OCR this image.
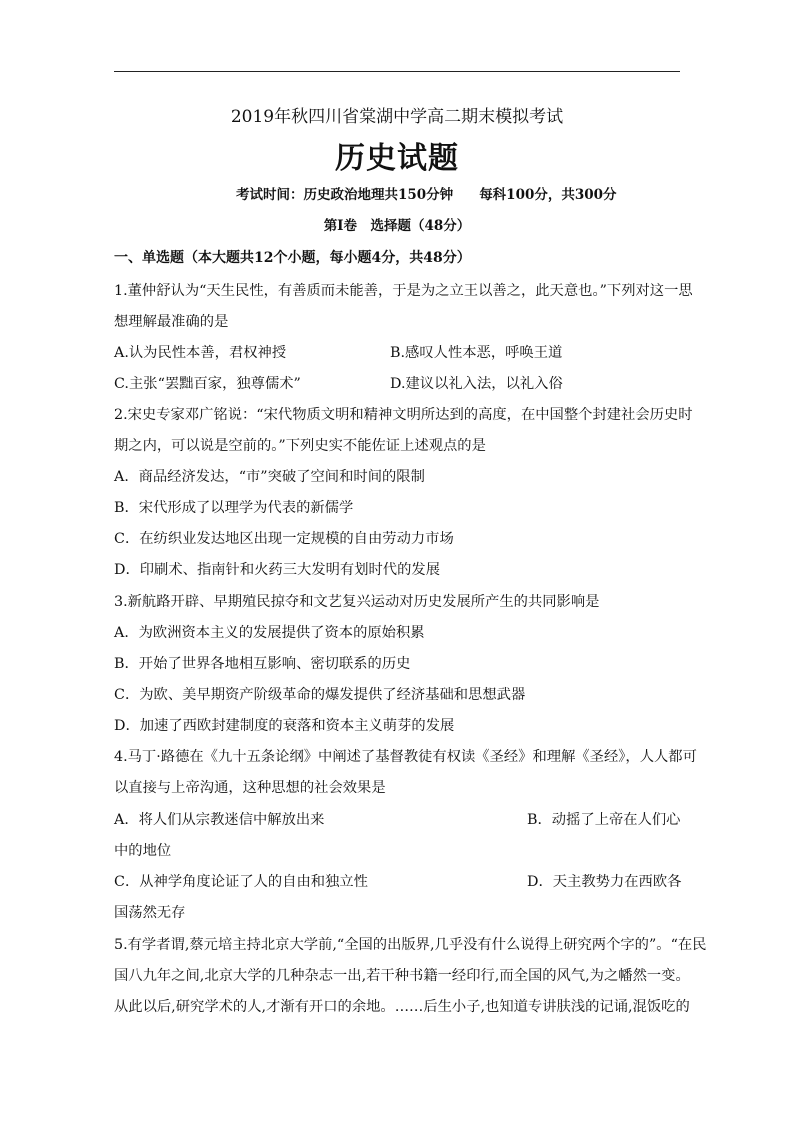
2019年秋四川省棠湖中学高二期末模拟考试
历史试题
考试时间：历史政治地理共150分钟 每科100分，共300分
第Ⅰ卷　选择题（48分）
一、单选题（本大题共12个小题，每小题4分，共48分）
1.董仲舒认为“天生民性，有善质而未能善，于是为之立王以善之，此天意也。”下列对这一思
想理解最准确的是
A.认为民性本善，君权神授	B.感叹人性本恶，呼唤王道
C.主张“罢黜百家，独尊儒术”	D.建议以礼入法，以礼入俗
2.宋史专家邓广铭说：“宋代物质文明和精神文明所达到的高度，在中国整个封建社会历史时
期之内，可以说是空前的。”下列史实不能佐证上述观点的是
A．商品经济发达，“市”突破了空间和时间的限制
B．宋代形成了以理学为代表的新儒学
C．在纺织业发达地区出现一定规模的自由劳动力市场
D．印刷术、指南针和火药三大发明有划时代的发展
3.新航路开辟、早期殖民掠夺和文艺复兴运动对历史发展所产生的共同影响是
A．为欧洲资本主义的发展提供了资本的原始积累
B．开始了世界各地相互影响、密切联系的历史
C．为欧、美早期资产阶级革命的爆发提供了经济基础和思想武器
D．加速了西欧封建制度的衰落和资本主义萌芽的发展
4.马丁·路德在《九十五条论纲》中阐述了基督教徒有权读《圣经》和理解《圣经》，人人都可
以直接与上帝沟通，这种思想的社会效果是
A．将人们从宗教迷信中解放出来	B．动摇了上帝在人们心
中的地位
C．从神学角度论证了人的自由和独立性	D．天主教势力在西欧各
国荡然无存
5.有学者谓,蔡元培主持北京大学前,“全国的出版界,几乎没有什么说得上研究两个字的”。“在民
国八九年之间,北京大学的几种杂志一出,若干种书籍一经印行,而全国的风气,为之幡然一变。
从此以后,研究学术的人,才渐有开口的余地。……后生小子,也知道专讲肤浅的记诵,混饭吃的
